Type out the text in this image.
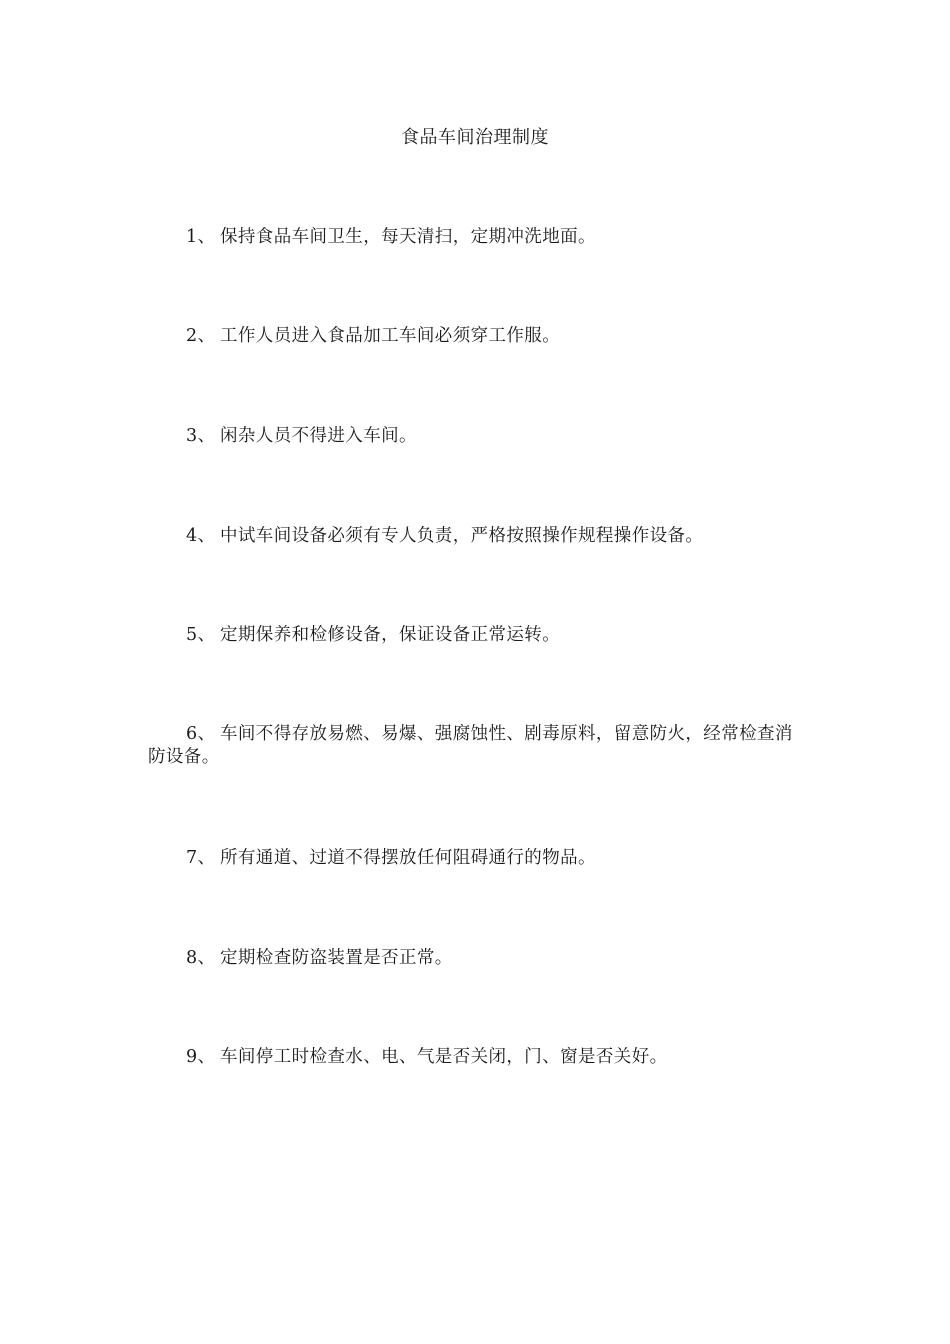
食品车间治理制度
1、 保持食品车间卫生，每天清扫，定期冲洗地面。
2、 工作人员进入食品加工车间必须穿工作服。
3、 闲杂人员不得进入车间。
4、 中试车间设备必须有专人负责，严格按照操作规程操作设备。
5、 定期保养和检修设备，保证设备正常运转。
6、 车间不得存放易燃、易爆、强腐蚀性、剧毒原料，留意防火，经常检查消防设备。
7、 所有通道、过道不得摆放任何阻碍通行的物品。
8、 定期检查防盗装置是否正常。
9、 车间停工时检查水、电、气是否关闭，门、窗是否关好。
